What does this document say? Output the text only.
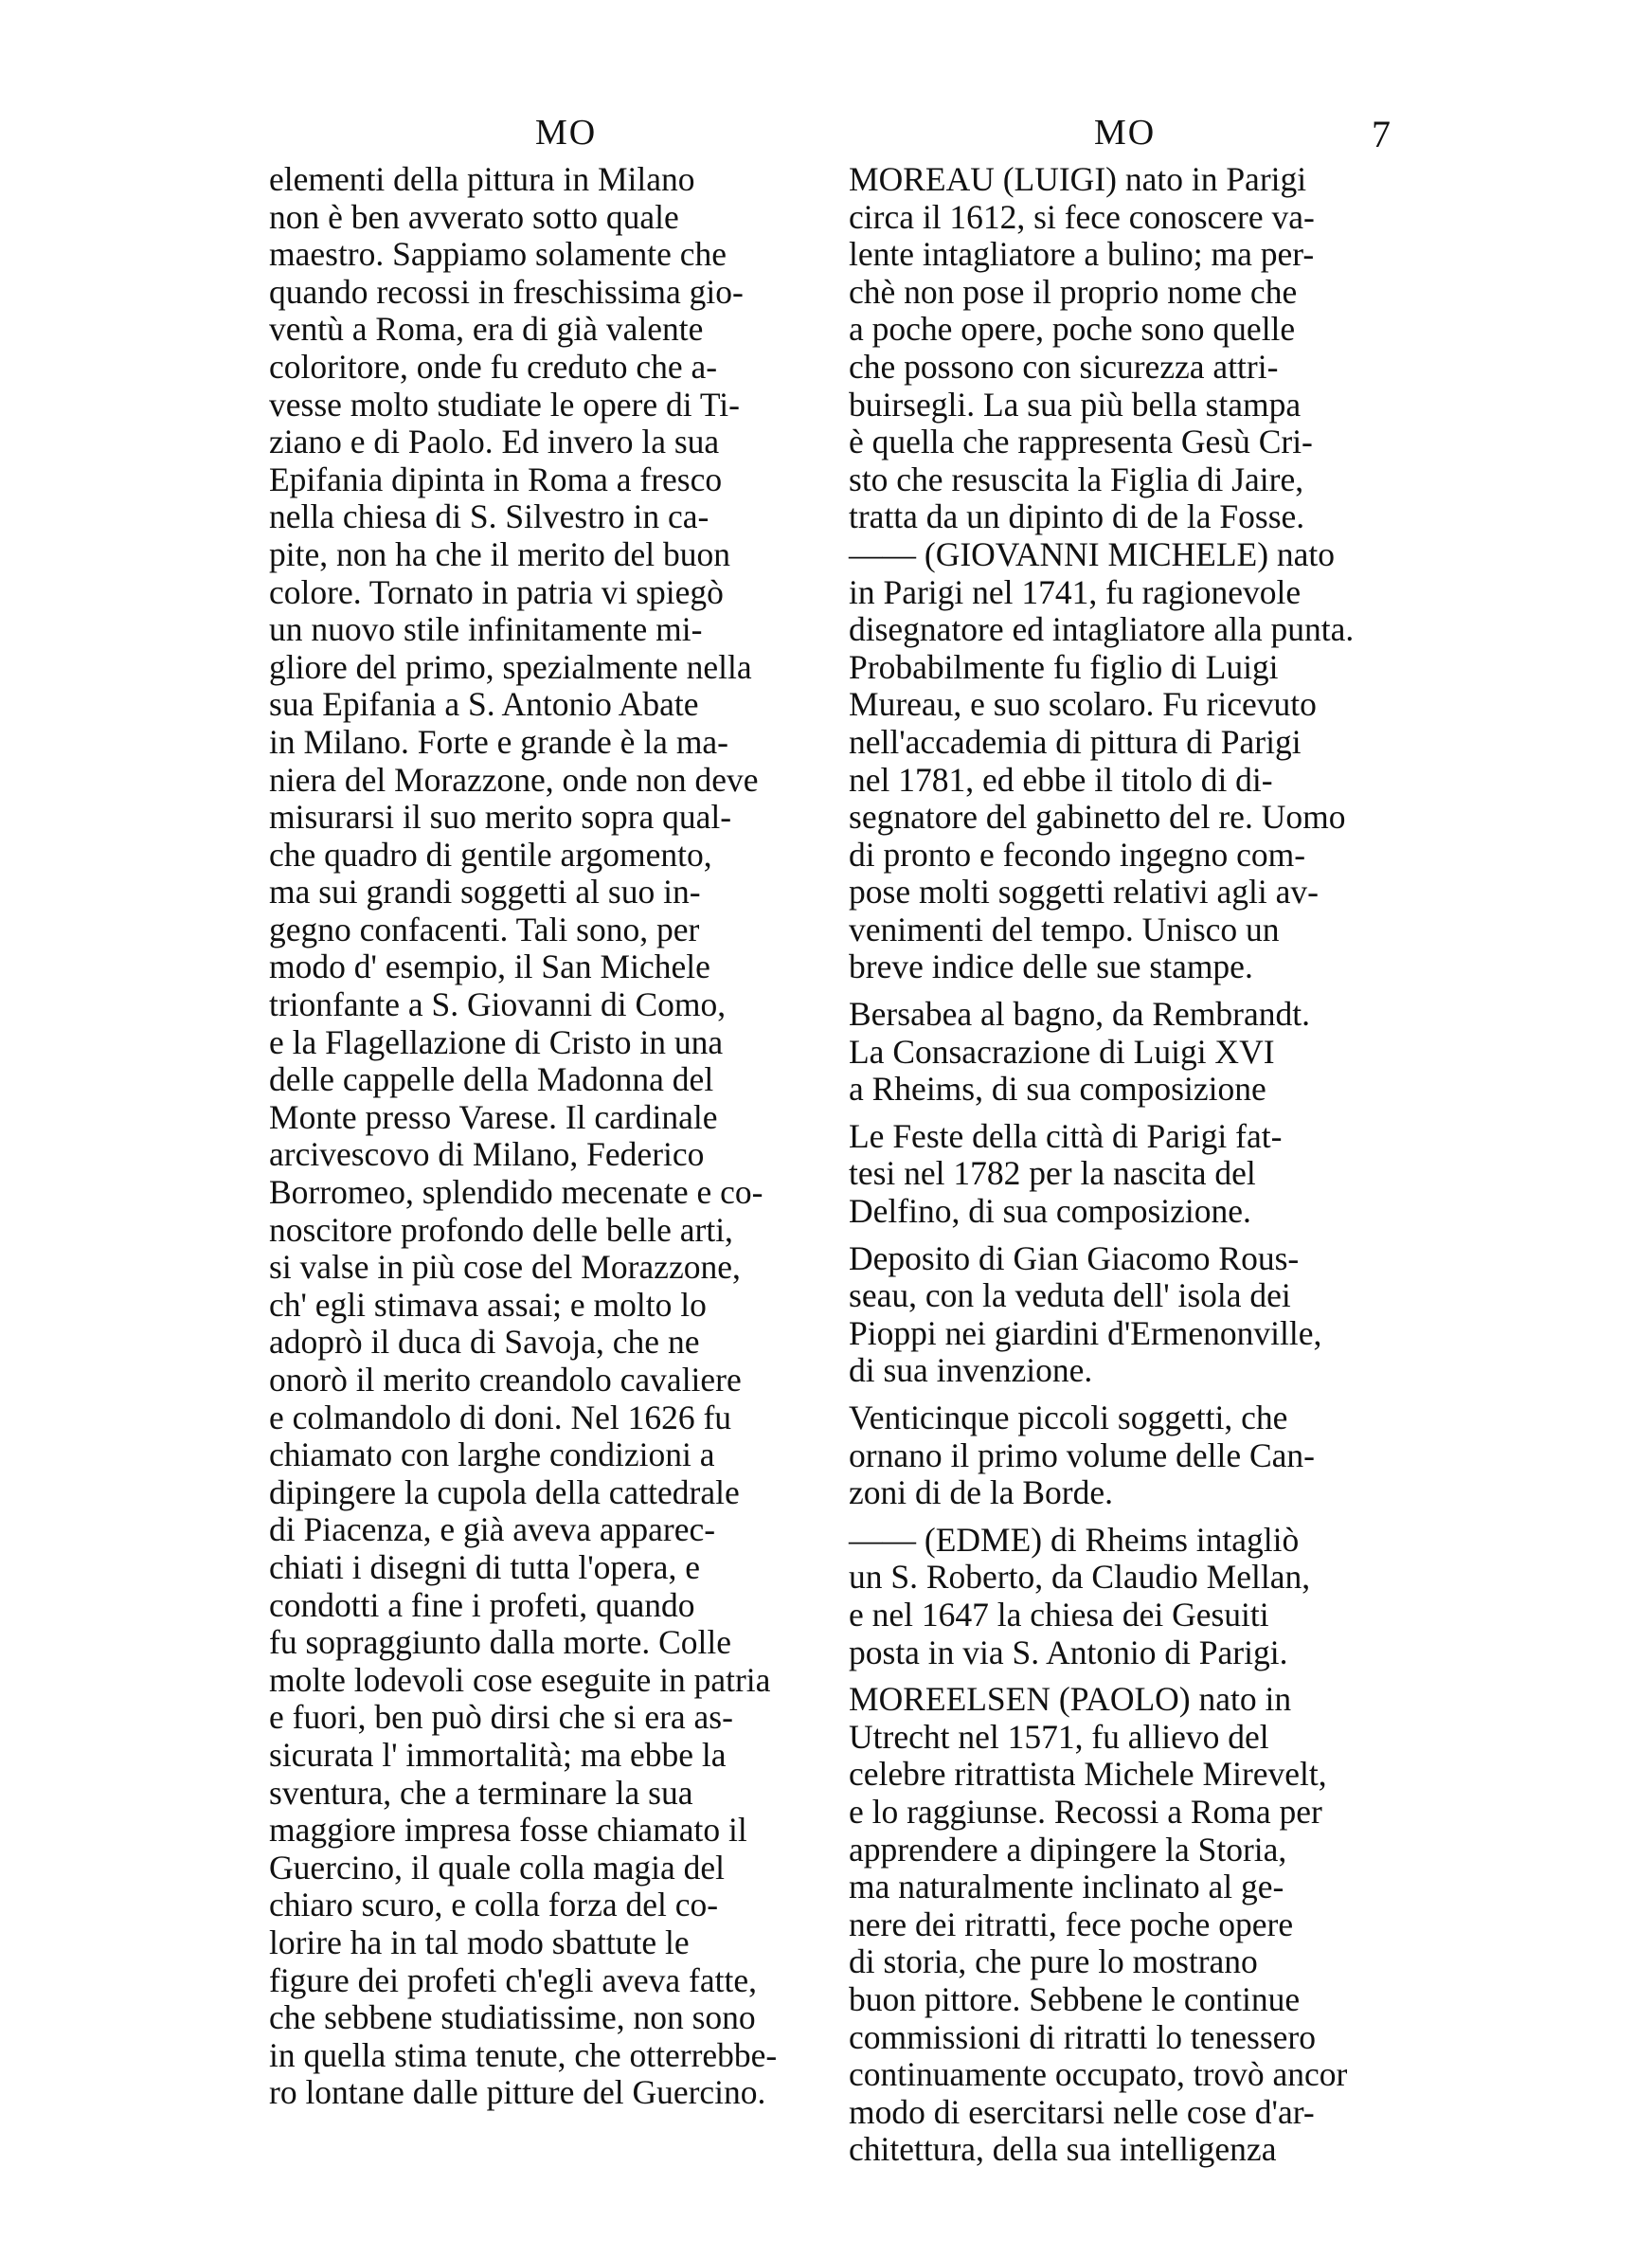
MO	MO	7
elementi della pittura in Milano
non è ben avverato sotto quale
maestro. Sappiamo solamente che
quando recossi in freschissima gio-
ventù a Roma, era di già valente
coloritore, onde fu creduto che a-
vesse molto studiate le opere di Ti-
ziano e di Paolo. Ed invero la sua
Epifania dipinta in Roma a fresco
nella chiesa di S. Silvestro in ca-
pite, non ha che il merito del buon
colore. Tornato in patria vi spiegò
un nuovo stile infinitamente mi-
gliore del primo, spezialmente nella
sua Epifania a S. Antonio Abate
in Milano. Forte e grande è la ma-
niera del Morazzone, onde non deve
misurarsi il suo merito sopra qual-
che quadro di gentile argomento,
ma sui grandi soggetti al suo in-
gegno confacenti. Tali sono, per
modo d' esempio, il San Michele
trionfante a S. Giovanni di Como,
e la Flagellazione di Cristo in una
delle cappelle della Madonna del
Monte presso Varese. Il cardinale
arcivescovo di Milano, Federico
Borromeo, splendido mecenate e co-
noscitore profondo delle belle arti,
si valse in più cose del Morazzone,
ch' egli stimava assai; e molto lo
adoprò il duca di Savoja, che ne
onorò il merito creandolo cavaliere
e colmandolo di doni. Nel 1626 fu
chiamato con larghe condizioni a
dipingere la cupola della cattedrale
di Piacenza, e già aveva apparec-
chiati i disegni di tutta l'opera, e
condotti a fine i profeti, quando
fu sopraggiunto dalla morte. Colle
molte lodevoli cose eseguite in patria
e fuori, ben può dirsi che si era as-
sicurata l' immortalità; ma ebbe la
sventura, che a terminare la sua
maggiore impresa fosse chiamato il
Guercino, il quale colla magia del
chiaro scuro, e colla forza del co-
lorire ha in tal modo sbattute le
figure dei profeti ch'egli aveva fatte,
che sebbene studiatissime, non sono
in quella stima tenute, che otterrebbe-
ro lontane dalle pitture del Guercino.
MOREAU (LUIGI) nato in Parigi
circa il 1612, si fece conoscere va-
lente intagliatore a bulino; ma per-
chè non pose il proprio nome che
a poche opere, poche sono quelle
che possono con sicurezza attri-
buirsegli. La sua più bella stampa
è quella che rappresenta Gesù Cri-
sto che resuscita la Figlia di Jaire,
tratta da un dipinto di de la Fosse.
—— (GIOVANNI MICHELE) nato
in Parigi nel 1741, fu ragionevole
disegnatore ed intagliatore alla punta.
Probabilmente fu figlio di Luigi
Mureau, e suo scolaro. Fu ricevuto
nell'accademia di pittura di Parigi
nel 1781, ed ebbe il titolo di di-
segnatore del gabinetto del re. Uomo
di pronto e fecondo ingegno com-
pose molti soggetti relativi agli av-
venimenti del tempo. Unisco un
breve indice delle sue stampe.
Bersabea al bagno, da Rembrandt.
La Consacrazione di Luigi XVI
a Rheims, di sua composizione
Le Feste della città di Parigi fat-
tesi nel 1782 per la nascita del
Delfino, di sua composizione.
Deposito di Gian Giacomo Rous-
seau, con la veduta dell' isola dei
Pioppi nei giardini d'Ermenonville,
di sua invenzione.
Venticinque piccoli soggetti, che
ornano il primo volume delle Can-
zoni di de la Borde.
—— (EDME) di Rheims intagliò
un S. Roberto, da Claudio Mellan,
e nel 1647 la chiesa dei Gesuiti
posta in via S. Antonio di Parigi.
MOREELSEN (PAOLO) nato in
Utrecht nel 1571, fu allievo del
celebre ritrattista Michele Mirevelt,
e lo raggiunse. Recossi a Roma per
apprendere a dipingere la Storia,
ma naturalmente inclinato al ge-
nere dei ritratti, fece poche opere
di storia, che pure lo mostrano
buon pittore. Sebbene le continue
commissioni di ritratti lo tenessero
continuamente occupato, trovò ancor
modo di esercitarsi nelle cose d'ar-
chitettura, della sua intelligenza
